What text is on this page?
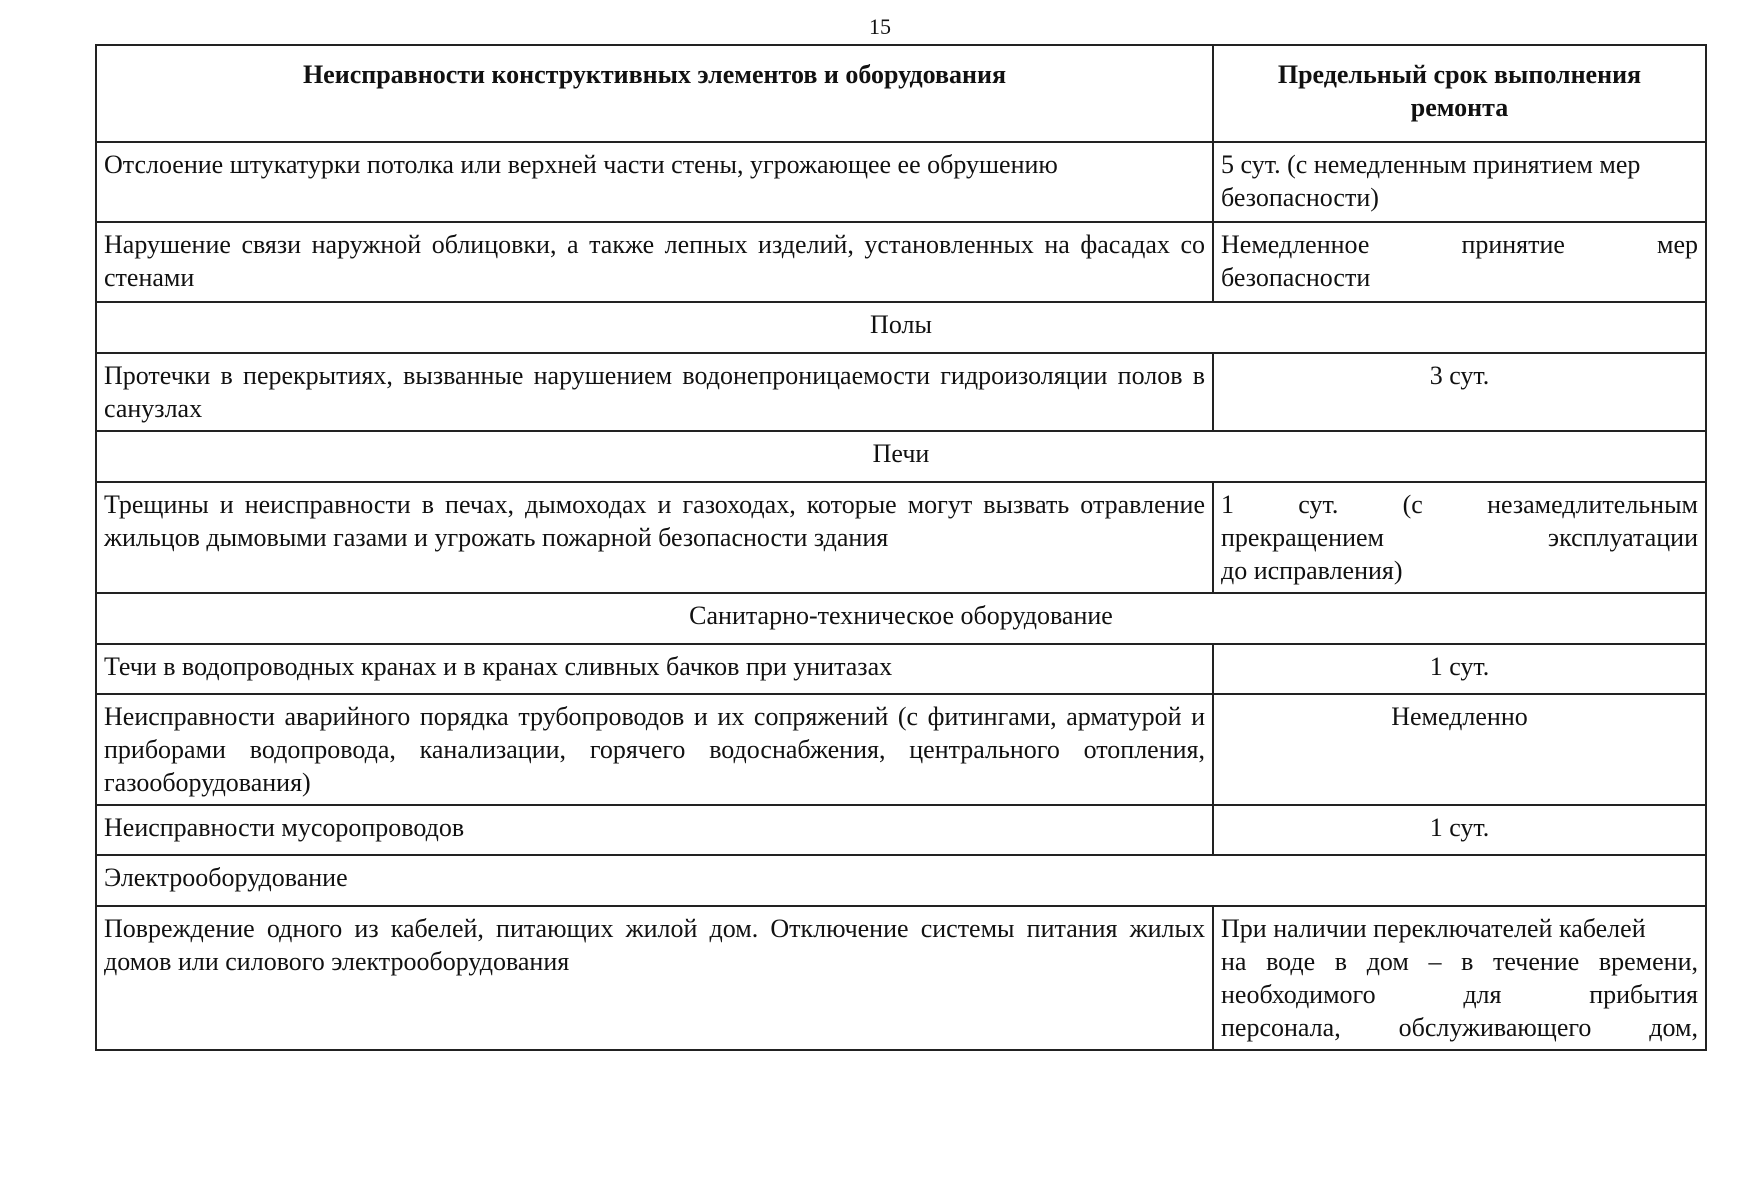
15
Неисправности конструктивных элементов и оборудования	Предельный срок выполнения
ремонта

Отслоение штукатурки потолка или верхней части стены, угрожающее ее обрушению	5 сут. (с немедленным принятием мер
безопасности)

Нарушение связи наружной облицовки, а также лепных изделий, установленных на фасадах со стенами	Немедленное принятие мер
безопасности

Полы	
Протечки в перекрытиях, вызванные нарушением водонепроницаемости гидроизоляции полов в санузлах	3 сут.
Печи	
Трещины и неисправности в печах, дымоходах и газоходах, которые могут вызвать отравление жильцов дымовыми газами и угрожать пожарной безопасности здания	1 сут. (с незамедлительным
прекращением эксплуатации
до исправления)

Санитарно-техническое оборудование	
Течи в водопроводных кранах и в кранах сливных бачков при унитазах	1 сут.
Неисправности аварийного порядка трубопроводов и их сопряжений (с фитингами, арматурой и приборами водопровода, канализации, горячего водоснабжения, центрального отопления, газооборудования)	Немедленно
Неисправности мусоропроводов	1 сут.
Электрооборудование	
Повреждение одного из кабелей, питающих жилой дом. Отключение системы питания жилых домов или силового электрооборудования	При наличии переключателей кабелей
на воде в дом – в течение времени,
необходимого для прибытия
персонала, обслуживающего дом,
